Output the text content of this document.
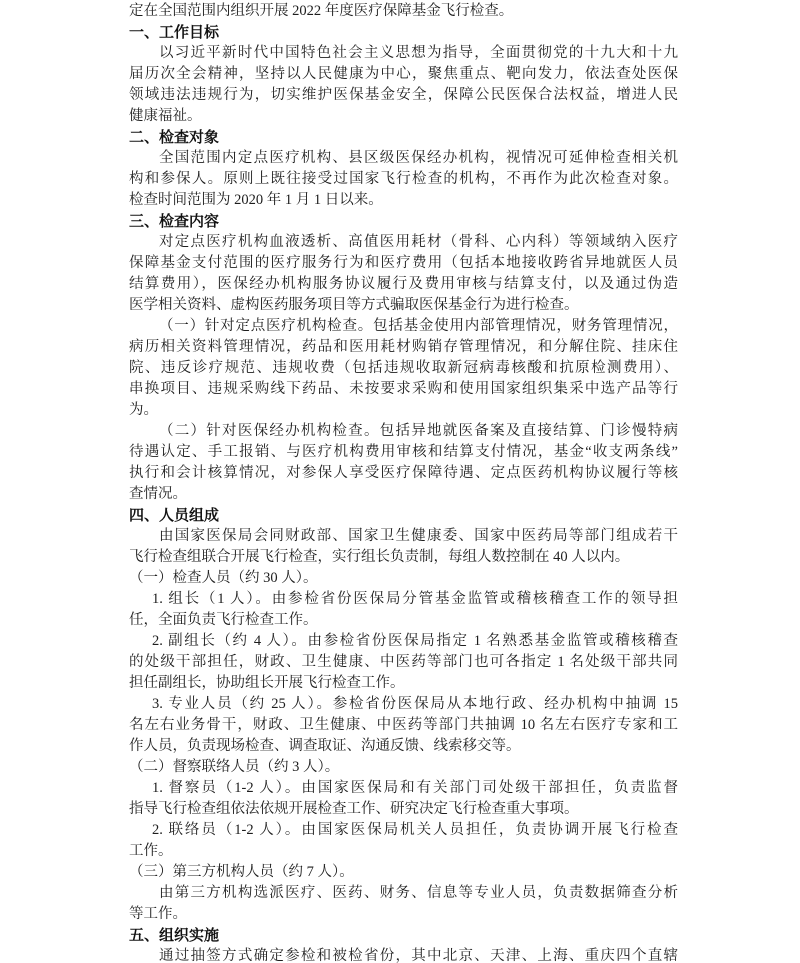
定在全国范围内组织开展 2022 年度医疗保障基金飞行检查。
一、工作目标
以习近平新时代中国特色社会主义思想为指导，全面贯彻党的十九大和十九
届历次全会精神，坚持以人民健康为中心，聚焦重点、靶向发力，依法查处医保
领域违法违规行为，切实维护医保基金安全，保障公民医保合法权益，增进人民
健康福祉。
二、检查对象
全国范围内定点医疗机构、县区级医保经办机构，视情况可延伸检查相关机
构和参保人。原则上既往接受过国家飞行检查的机构，不再作为此次检查对象。
检查时间范围为 2020 年 1 月 1 日以来。
三、检查内容
对定点医疗机构血液透析、高值医用耗材（骨科、心内科）等领域纳入医疗
保障基金支付范围的医疗服务行为和医疗费用（包括本地接收跨省异地就医人员
结算费用），医保经办机构服务协议履行及费用审核与结算支付，以及通过伪造
医学相关资料、虚构医药服务项目等方式骗取医保基金行为进行检查。
（一）针对定点医疗机构检查。包括基金使用内部管理情况，财务管理情况，
病历相关资料管理情况，药品和医用耗材购销存管理情况，和分解住院、挂床住
院、违反诊疗规范、违规收费（包括违规收取新冠病毒核酸和抗原检测费用）、
串换项目、违规采购线下药品、未按要求采购和使用国家组织集采中选产品等行
为。
（二）针对医保经办机构检查。包括异地就医备案及直接结算、门诊慢特病
待遇认定、手工报销、与医疗机构费用审核和结算支付情况，基金“收支两条线”
执行和会计核算情况，对参保人享受医疗保障待遇、定点医药机构协议履行等核
查情况。
四、人员组成
由国家医保局会同财政部、国家卫生健康委、国家中医药局等部门组成若干
飞行检查组联合开展飞行检查，实行组长负责制，每组人数控制在 40 人以内。
（一）检查人员（约 30 人）。
1. 组长（1 人）。由参检省份医保局分管基金监管或稽核稽查工作的领导担
任，全面负责飞行检查工作。
2. 副组长（约 4 人）。由参检省份医保局指定 1 名熟悉基金监管或稽核稽查
的处级干部担任，财政、卫生健康、中医药等部门也可各指定 1 名处级干部共同
担任副组长，协助组长开展飞行检查工作。
3. 专业人员（约 25 人）。参检省份医保局从本地行政、经办机构中抽调 15
名左右业务骨干，财政、卫生健康、中医药等部门共抽调 10 名左右医疗专家和工
作人员，负责现场检查、调查取证、沟通反馈、线索移交等。
（二）督察联络人员（约 3 人）。
1. 督察员（1-2 人）。由国家医保局和有关部门司处级干部担任，负责监督
指导飞行检查组依法依规开展检查工作、研究决定飞行检查重大事项。
2. 联络员（1-2 人）。由国家医保局机关人员担任，负责协调开展飞行检查
工作。
（三）第三方机构人员（约 7 人）。
由第三方机构选派医疗、医药、财务、信息等专业人员，负责数据筛查分析
等工作。
五、组织实施
通过抽签方式确定参检和被检省份，其中北京、天津、上海、重庆四个直辖
